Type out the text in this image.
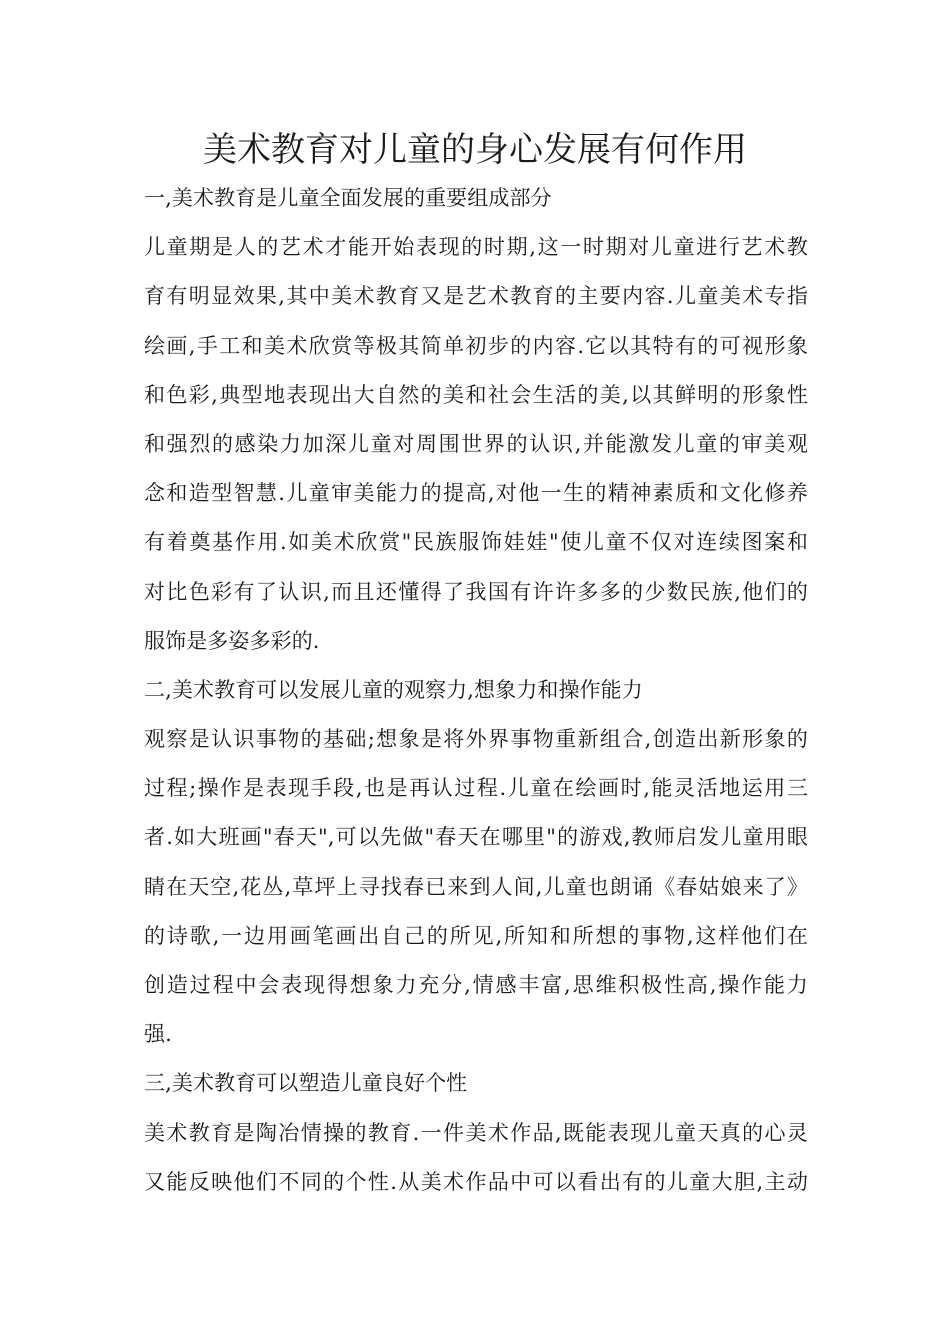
美术教育对儿童的身心发展有何作用
一,美术教育是儿童全面发展的重要组成部分
儿童期是人的艺术才能开始表现的时期,这一时期对儿童进行艺术教
育有明显效果,其中美术教育又是艺术教育的主要内容.儿童美术专指
绘画,手工和美术欣赏等极其简单初步的内容.它以其特有的可视形象
和色彩,典型地表现出大自然的美和社会生活的美,以其鲜明的形象性
和强烈的感染力加深儿童对周围世界的认识,并能激发儿童的审美观
念和造型智慧.儿童审美能力的提高,对他一生的精神素质和文化修养
有着奠基作用.如美术欣赏"民族服饰娃娃"使儿童不仅对连续图案和
对比色彩有了认识,而且还懂得了我国有许许多多的少数民族,他们的
服饰是多姿多彩的.
二,美术教育可以发展儿童的观察力,想象力和操作能力
观察是认识事物的基础;想象是将外界事物重新组合,创造出新形象的
过程;操作是表现手段,也是再认过程.儿童在绘画时,能灵活地运用三
者.如大班画"春天",可以先做"春天在哪里"的游戏,教师启发儿童用眼
睛在天空,花丛,草坪上寻找春已来到人间,儿童也朗诵《春姑娘来了》
的诗歌,一边用画笔画出自己的所见,所知和所想的事物,这样他们在
创造过程中会表现得想象力充分,情感丰富,思维积极性高,操作能力
强.
三,美术教育可以塑造儿童良好个性
美术教育是陶冶情操的教育.一件美术作品,既能表现儿童天真的心灵
又能反映他们不同的个性.从美术作品中可以看出有的儿童大胆,主动
